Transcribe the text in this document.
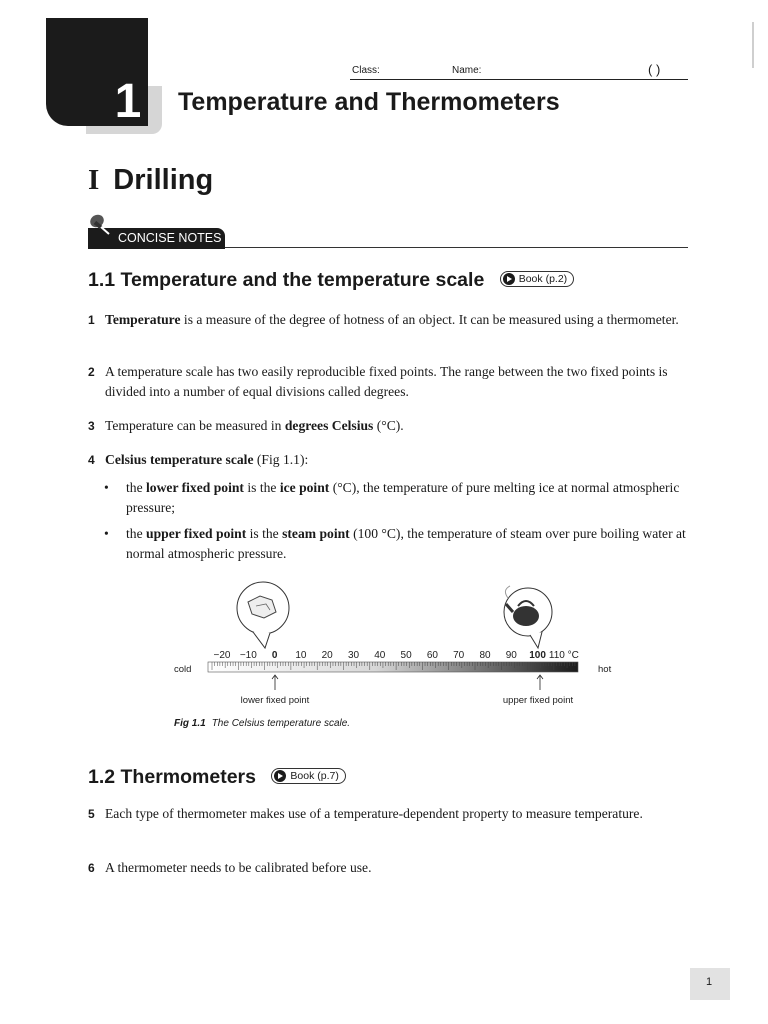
Class:	Name:	( )
1 Temperature and Thermometers
I Drilling
CONCISE NOTES
1.1 Temperature and the temperature scale	Book (p.2)
1 Temperature is a measure of the degree of hotness of an object. It can be measured using a thermometer.
2 A temperature scale has two easily reproducible fixed points. The range between the two fixed points is divided into a number of equal divisions called degrees.
3 Temperature can be measured in degrees Celsius (°C).
4 Celsius temperature scale (Fig 1.1):
• the lower fixed point is the ice point (°C), the temperature of pure melting ice at normal atmospheric pressure;
• the upper fixed point is the steam point (100 °C), the temperature of steam over pure boiling water at normal atmospheric pressure.
−20 −10 0 10 20 30 40 50 60 70 80 90 100 110 °C
cold	hot
lower fixed point	upper fixed point
Fig 1.1 The Celsius temperature scale.
1.2 Thermometers	Book (p.7)
5 Each type of thermometer makes use of a temperature-dependent property to measure temperature.
6 A thermometer needs to be calibrated before use.
1
